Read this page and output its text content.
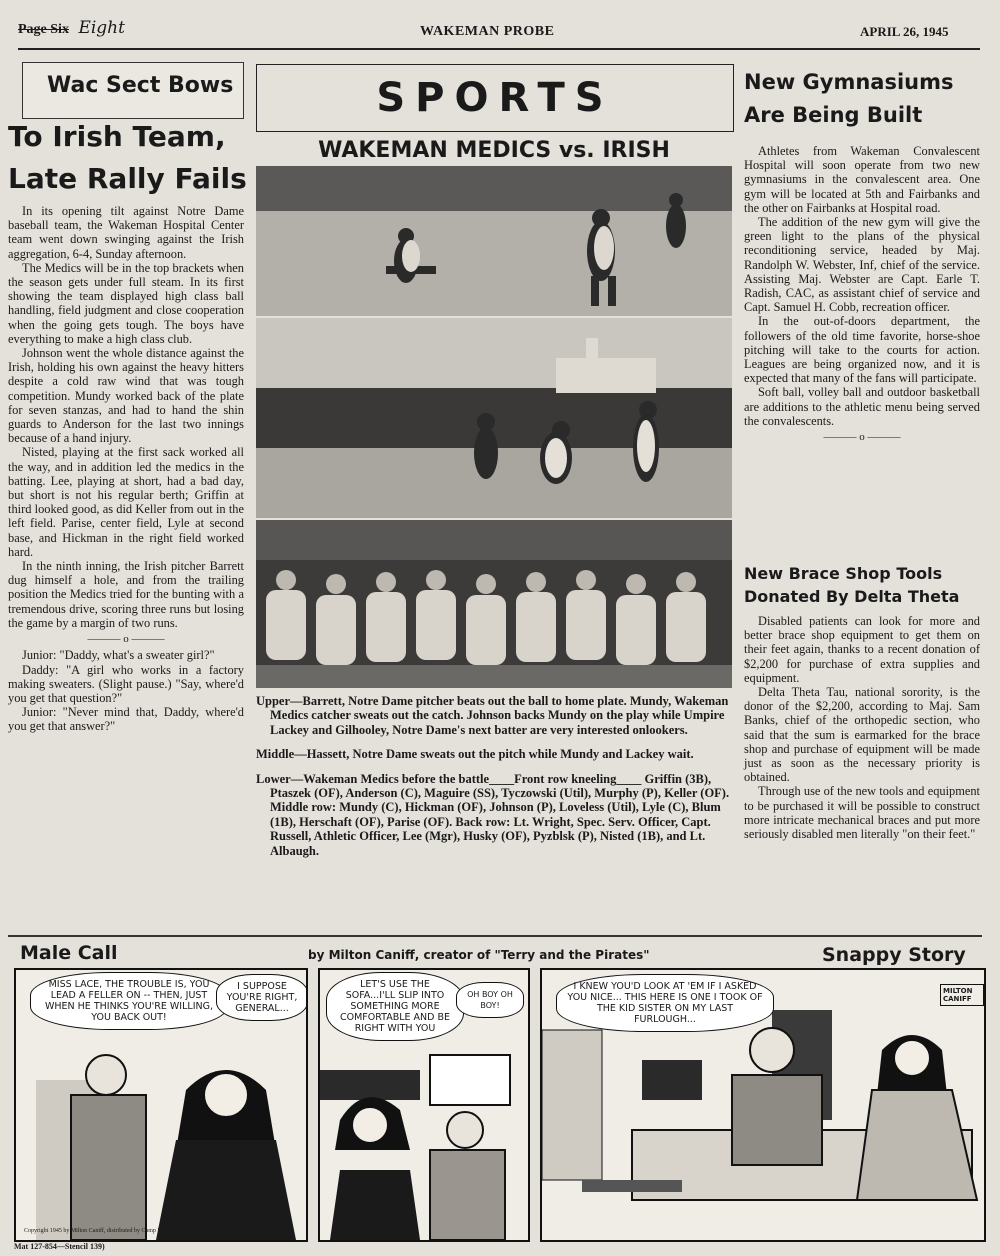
Page Six Eight	WAKEMAN PROBE	APRIL 26, 1945
Wac Sect Bows
To Irish Team,
Late Rally Fails

In its opening tilt against Notre Dame baseball team, the Wakeman Hospital Center team went down swinging against the Irish aggregation, 6-4, Sunday afternoon.

The Medics will be in the top brackets when the season gets under full steam. In its first showing the team displayed high class ball handling, field judgment and close cooperation when the going gets tough. The boys have everything to make a high class club.

Johnson went the whole distance against the Irish, holding his own against the heavy hitters despite a cold raw wind that was tough competition. Mundy worked back of the plate for seven stanzas, and had to hand the shin guards to Anderson for the last two innings because of a hand injury.

Nisted, playing at the first sack worked all the way, and in addition led the medics in the batting. Lee, playing at short, had a bad day, but short is not his regular berth; Griffin at third looked good, as did Keller from out in the left field. Parise, center field, Lyle at second base, and Hickman in the right field worked hard.

In the ninth inning, the Irish pitcher Barrett dug himself a hole, and from the trailing position the Medics tried for the bunting with a tremendous drive, scoring three runs but losing the game by a margin of two runs.

——— o ———

Junior: "Daddy, what's a sweater girl?"

Daddy: "A girl who works in a factory making sweaters. (Slight pause.) "Say, where'd you get that question?"

Junior: "Never mind that, Daddy, where'd you get that answer?"

SPORTS
WAKEMAN MEDICS vs. IRISH

Upper—Barrett, Notre Dame pitcher beats out the ball to home plate. Mundy, Wakeman Medics catcher sweats out the catch. Johnson backs Mundy on the play while Umpire Lackey and Gilhooley, Notre Dame's next batter are very interested onlookers.

Middle—Hassett, Notre Dame sweats out the pitch while Mundy and Lackey wait.

Lower—Wakeman Medics before the battle____Front row kneeling____ Griffin (3B), Ptaszek (OF), Anderson (C), Maguire (SS), Tyczowski (Util), Murphy (P), Keller (OF). Middle row: Mundy (C), Hickman (OF), Johnson (P), Loveless (Util), Lyle (C), Blum (1B), Herschaft (OF), Parise (OF). Back row: Lt. Wright, Spec. Serv. Officer, Capt. Russell, Athletic Officer, Lee (Mgr), Husky (OF), Pyzblsk (P), Nisted (1B), and Lt. Albaugh.

New Gymnasiums
Are Being Built

Athletes from Wakeman Convalescent Hospital will soon operate from two new gymnasiums in the convalescent area. One gym will be located at 5th and Fairbanks and the other on Fairbanks at Hospital road.

The addition of the new gym will give the green light to the plans of the physical reconditioning service, headed by Maj. Randolph W. Webster, Inf, chief of the service. Assisting Maj. Webster are Capt. Earle T. Radish, CAC, as assistant chief of service and Capt. Samuel H. Cobb, recreation officer.

In the out-of-doors department, the followers of the old time favorite, horse-shoe pitching will take to the courts for action. Leagues are being organized now, and it is expected that many of the fans will participate.

Soft ball, volley ball and outdoor basketball are additions to the athletic menu being served the convalescents.

——— o ———
New Brace Shop Tools
Donated By Delta Theta

Disabled patients can look for more and better brace shop equipment to get them on their feet again, thanks to a recent donation of $2,200 for purchase of extra supplies and equipment.

Delta Theta Tau, national sorority, is the donor of the $2,200, according to Maj. Sam Banks, chief of the orthopedic section, who said that the sum is earmarked for the brace shop and purchase of equipment will be made just as soon as the necessary priority is obtained.

Through use of the new tools and equipment to be purchased it will be possible to construct more intricate mechanical braces and put more seriously disabled men literally "on their feet."

Male Call	by Milton Caniff, creator of "Terry and the Pirates"	Snappy Story
MISS LACE, THE TROUBLE IS, YOU LEAD A FELLER ON -- THEN, JUST WHEN HE THINKS YOU'RE WILLING, YOU BACK OUT!
I SUPPOSE YOU'RE RIGHT, GENERAL...
LET'S USE THE SOFA...I'LL SLIP INTO SOMETHING MORE COMFORTABLE AND BE RIGHT WITH YOU
OH BOY OH BOY!
I KNEW YOU'D LOOK AT 'EM IF I ASKED YOU NICE... THIS HERE IS ONE I TOOK OF THE KID SISTER ON MY LAST FURLOUGH...
MILTON CANIFF
Copyright 1945 by Milton Caniff, distributed by Camp Newspaper Service
Mat 127-854—Stencil 139)
